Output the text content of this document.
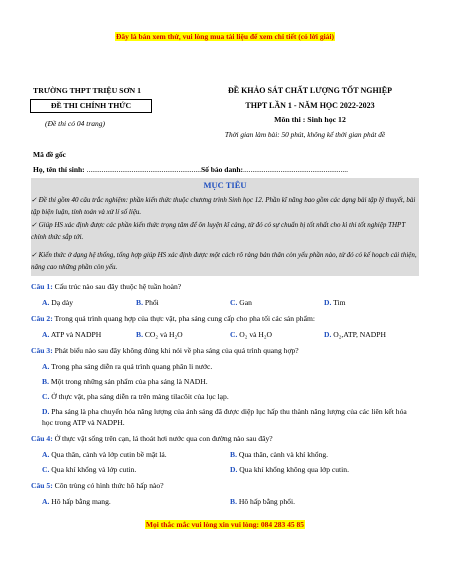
Đây là bản xem thử, vui lòng mua tài liệu để xem chi tiết (có lời giải)
TRƯỜNG THPT TRIỆU SƠN 1
ĐỀ THI CHÍNH THỨC
(Đề thi có 04 trang)
ĐỀ KHẢO SÁT CHẤT LƯỢNG TỐT NGHIỆP
THPT LẦN 1 - NĂM HỌC 2022-2023
Môn thi : Sinh học 12
Thời gian làm bài: 50 phút, không kể thời gian phát đề
Mã đề gốc
Họ, tên thí sinh: .............................................................Số báo danh:........................................................
MỤC TIÊU
✓ Đề thi gồm 40 câu trắc nghiệm: phần kiến thức thuộc chương trình Sinh học 12. Phần kĩ năng bao gồm các dạng bài tập lý thuyết, bài tập biện luận, tính toán và xử lí số liệu.
✓ Giúp HS xác định được các phần kiến thức trọng tâm để ôn luyện kĩ càng, từ đó có sự chuẩn bị tốt nhất cho kì thi tốt nghiệp THPT chính thức sắp tới.
✓ Kiến thức ở dạng hệ thống, tổng hợp giúp HS xác định được một cách rõ ràng bản thân còn yếu phần nào, từ đó có kế hoạch cải thiện, nâng cao những phần còn yếu.
Câu 1: Cấu trúc nào sau đây thuộc hệ tuần hoàn?
A. Dạ dày	B. Phổi	C. Gan	D. Tim
Câu 2: Trong quá trình quang hợp của thực vật, pha sáng cung cấp cho pha tối các sản phẩm:
A. ATP và NADPH	B. CO₂ và H₂O	C. O₂ và H₂O	D. O₂,ATP, NADPH
Câu 3: Phát biểu nào sau đây không đúng khi nói về pha sáng của quá trình quang hợp?
A. Trong pha sáng diễn ra quá trình quang phân li nước.
B. Một trong những sản phẩm của pha sáng là NADH.
C. Ở thực vật, pha sáng diễn ra trên màng tilacôit của lục lạp.
D. Pha sáng là pha chuyển hóa năng lượng của ánh sáng đã được diệp lục hấp thu thành năng lượng của các liên kết hóa học trong ATP và NADPH.
Câu 4: Ở thực vật sống trên cạn, lá thoát hơi nước qua con đường nào sau đây?
A. Qua thân, cành và lớp cutin bề mặt lá.	B. Qua thân, cành và khí khổng.
C. Qua khí khổng và lớp cutin.	D. Qua khí khổng không qua lớp cutin.
Câu 5: Côn trùng có hình thức hô hấp nào?
A. Hô hấp bằng mang.	B. Hô hấp bằng phổi.
Mọi thắc mắc vui lòng xin vui lòng: 084 283 45 85
